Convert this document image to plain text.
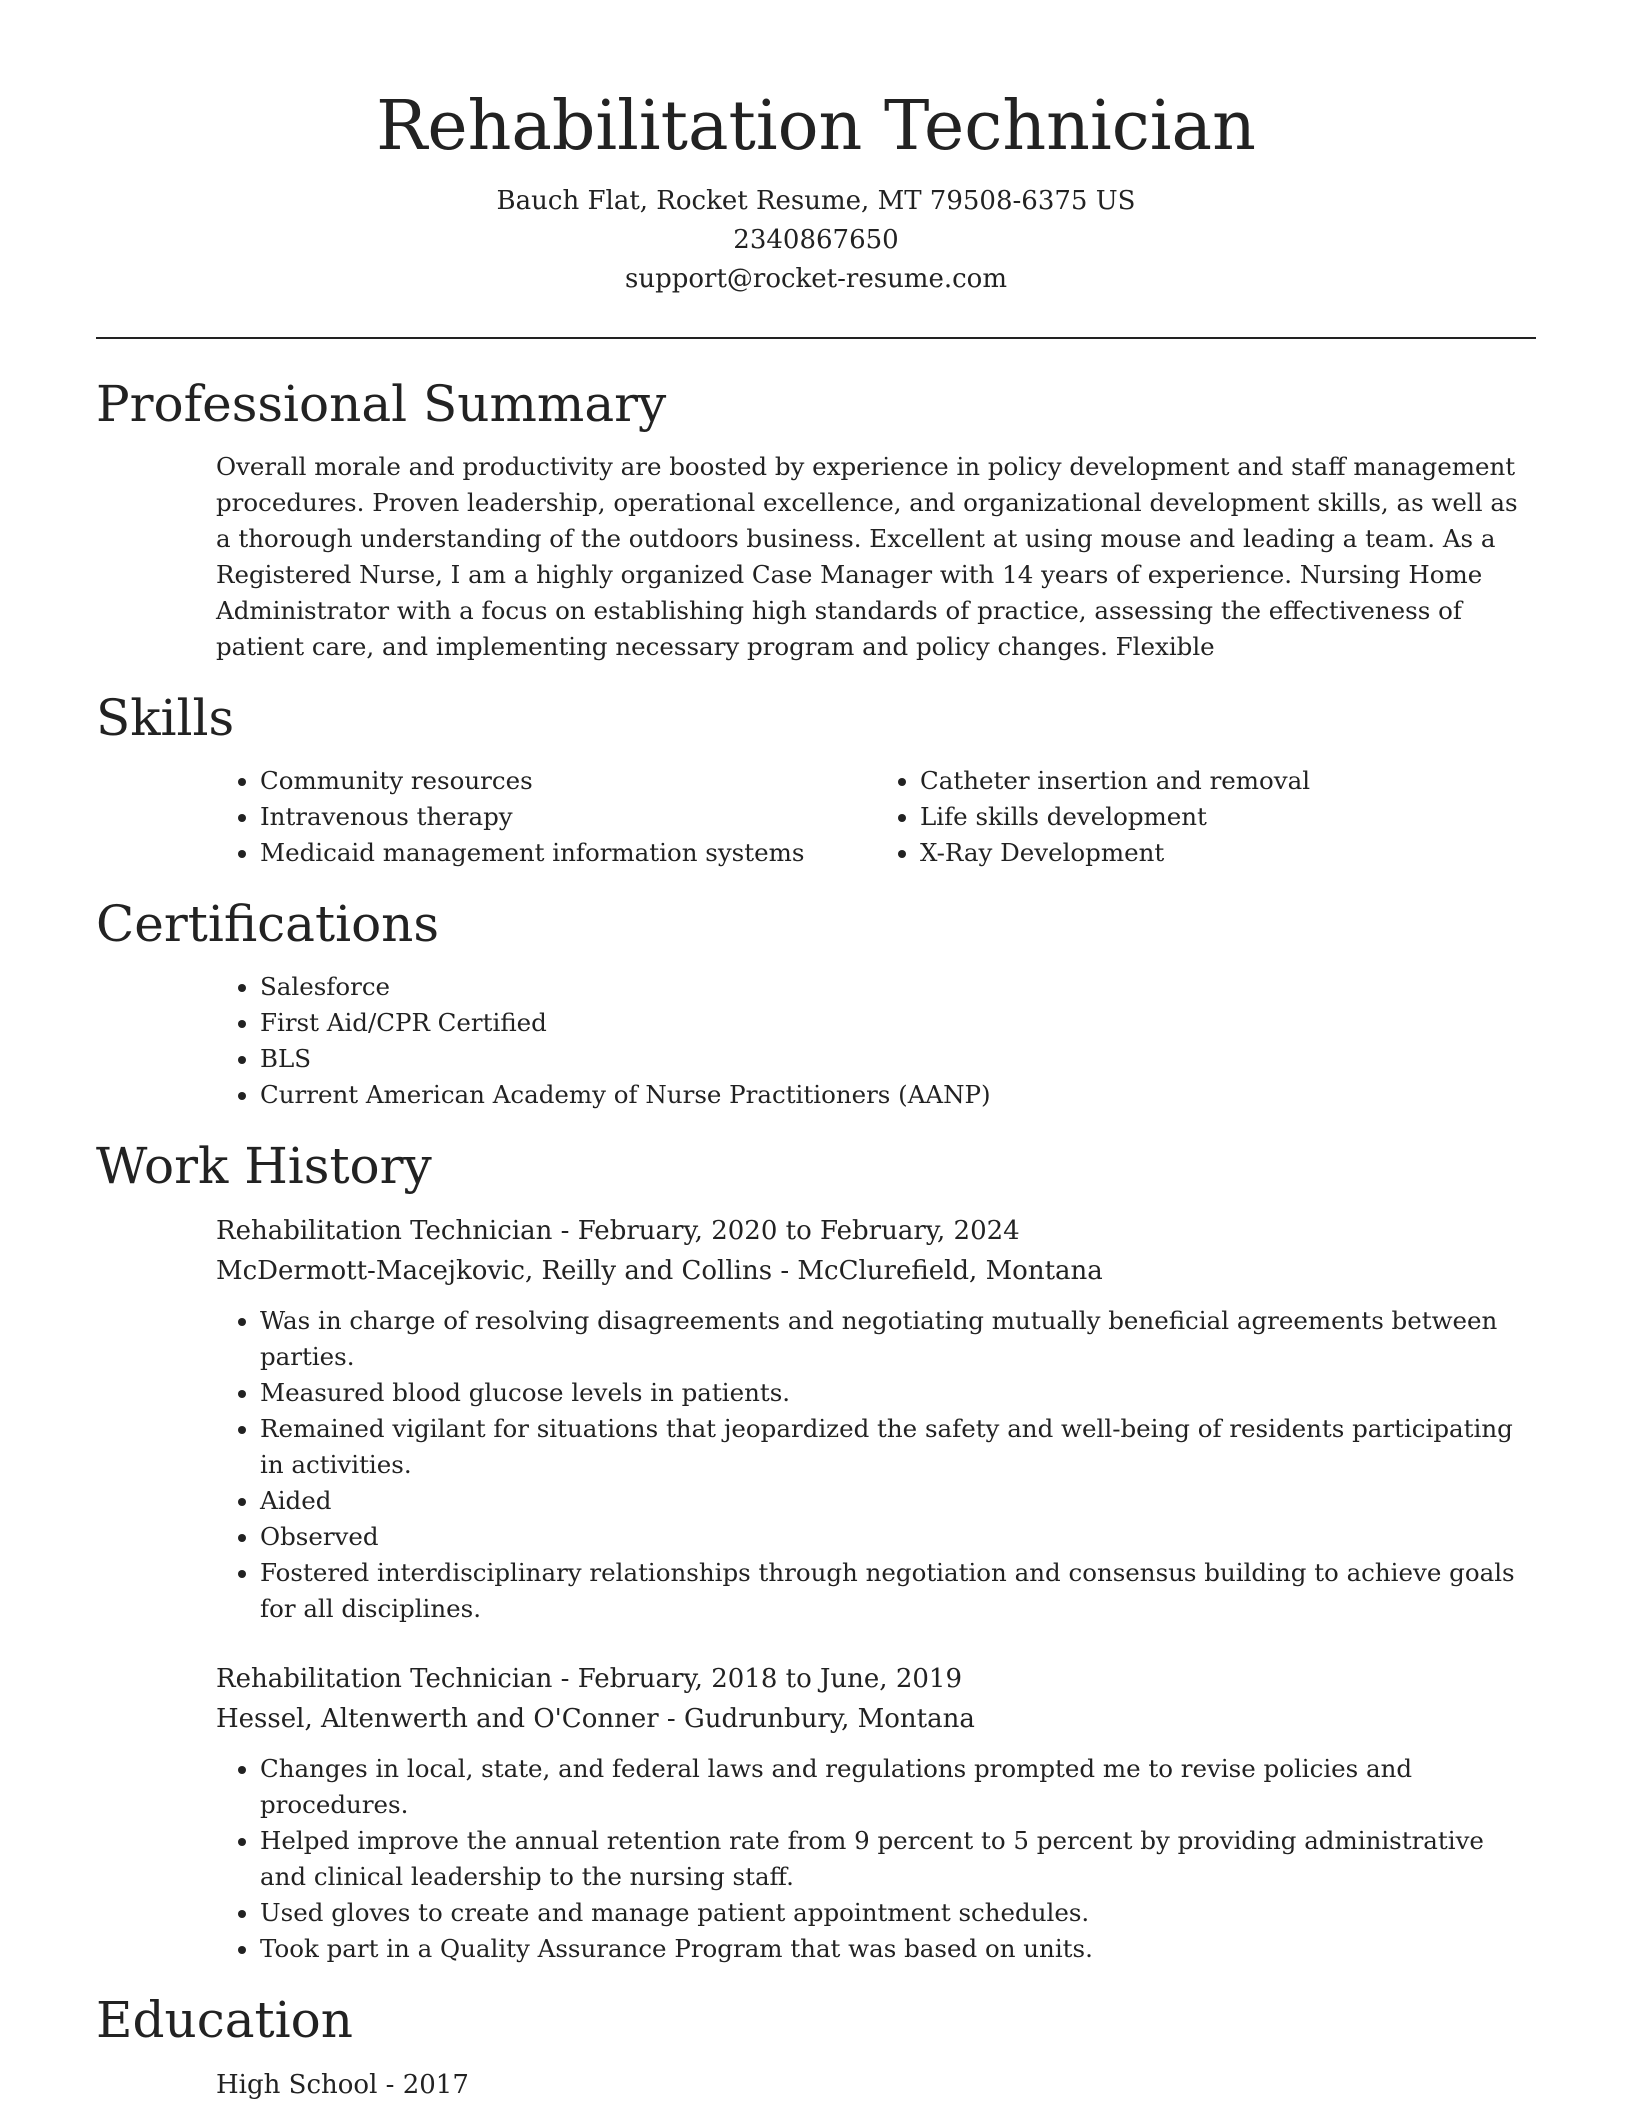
Rehabilitation Technician
Bauch Flat, Rocket Resume, MT 79508-6375 US
2340867650
support@rocket-resume.com
Professional Summary

Overall morale and productivity are boosted by experience in policy development and staff management procedures. Proven leadership, operational excellence, and organizational development skills, as well as a thorough understanding of the outdoors business. Excellent at using mouse and leading a team. As a Registered Nurse, I am a highly organized Case Manager with 14 years of experience. Nursing Home Administrator with a focus on establishing high standards of practice, assessing the effectiveness of patient care, and implementing necessary program and policy changes. Flexible

Skills
• Community resources
• Intravenous therapy
• Medicaid management information systems
• Catheter insertion and removal
• Life skills development
• X-Ray Development
Certifications
• Salesforce
• First Aid/CPR Certified
• BLS
• Current American Academy of Nurse Practitioners (AANP)
Work History
Rehabilitation Technician - February, 2020 to February, 2024
McDermott-Macejkovic, Reilly and Collins - McClurefield, Montana
• Was in charge of resolving disagreements and negotiating mutually beneficial agreements between parties.
• Measured blood glucose levels in patients.
• Remained vigilant for situations that jeopardized the safety and well-being of residents participating in activities.
• Aided
• Observed
• Fostered interdisciplinary relationships through negotiation and consensus building to achieve goals for all disciplines.
Rehabilitation Technician - February, 2018 to June, 2019
Hessel, Altenwerth and O'Conner - Gudrunbury, Montana
• Changes in local, state, and federal laws and regulations prompted me to revise policies and procedures.
• Helped improve the annual retention rate from 9 percent to 5 percent by providing administrative and clinical leadership to the nursing staff.
• Used gloves to create and manage patient appointment schedules.
• Took part in a Quality Assurance Program that was based on units.
Education
High School - 2017
